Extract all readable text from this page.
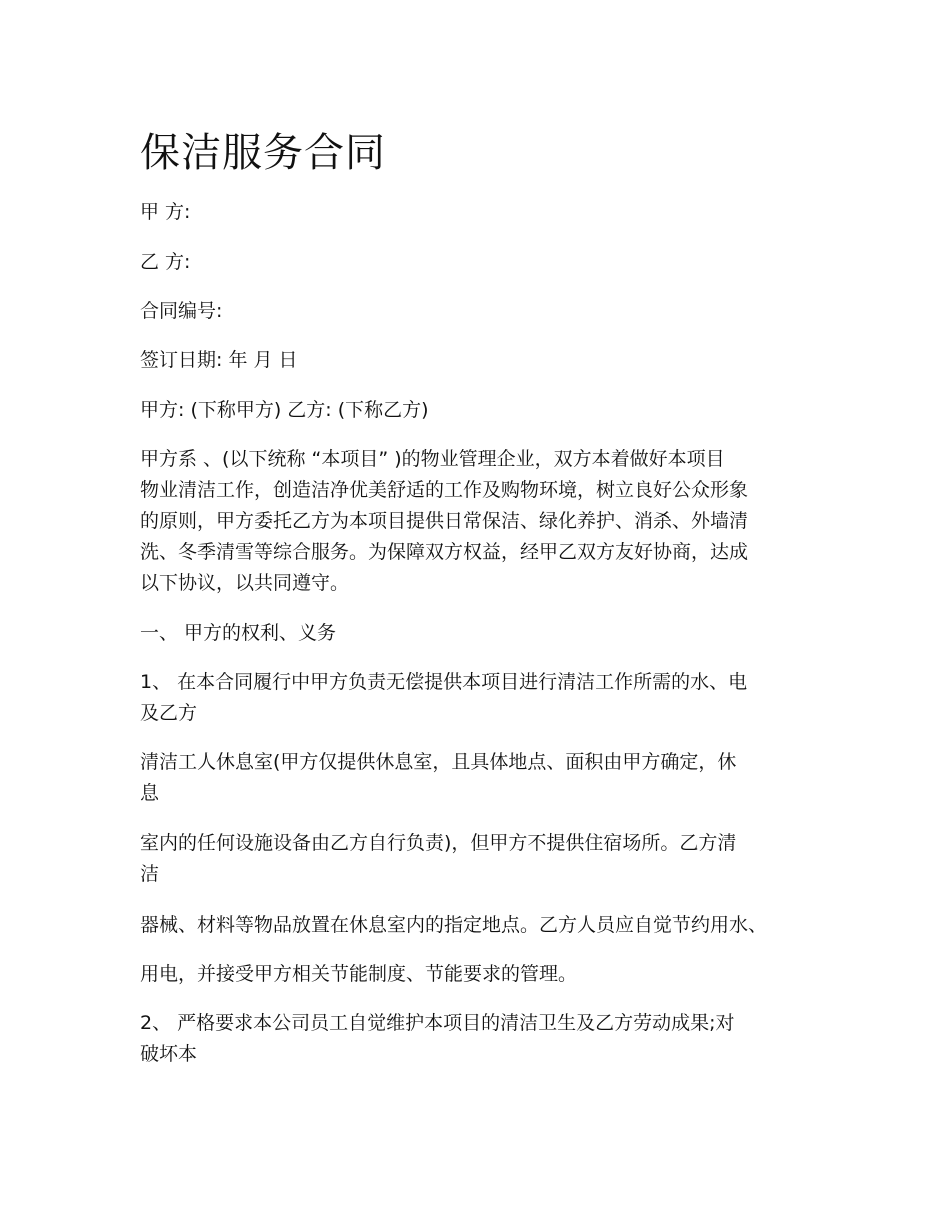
保洁服务合同

甲 方:

乙 方:

合同编号:

签订日期: 年 月 日

甲方: (下称甲方) 乙方: (下称乙方)

甲方系 、(以下统称 “本项目” )的物业管理企业，双方本着做好本项目
物业清洁工作，创造洁净优美舒适的工作及购物环境，树立良好公众形象
的原则，甲方委托乙方为本项目提供日常保洁、绿化养护、消杀、外墙清
洗、冬季清雪等综合服务。为保障双方权益，经甲乙双方友好协商，达成
以下协议，以共同遵守。

一、 甲方的权利、义务

1、 在本合同履行中甲方负责无偿提供本项目进行清洁工作所需的水、电
及乙方

清洁工人休息室(甲方仅提供休息室，且具体地点、面积由甲方确定，休
息

室内的任何设施设备由乙方自行负责)，但甲方不提供住宿场所。乙方清
洁

器械、材料等物品放置在休息室内的指定地点。乙方人员应自觉节约用水、

用电，并接受甲方相关节能制度、节能要求的管理。

2、 严格要求本公司员工自觉维护本项目的清洁卫生及乙方劳动成果;对
破坏本
